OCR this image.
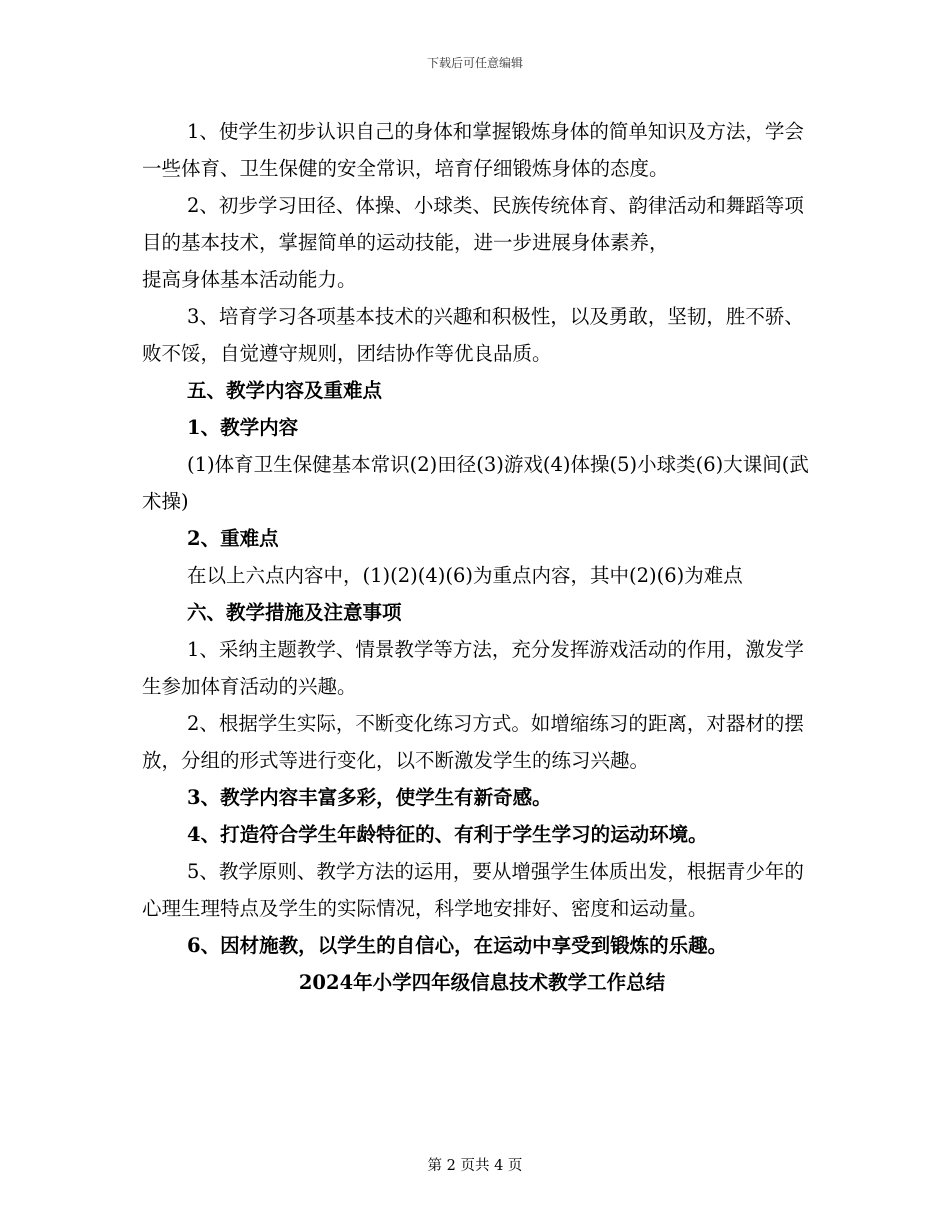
下载后可任意编辑

1、使学生初步认识自己的身体和掌握锻炼身体的简单知识及方法，学会一些体育、卫生保健的安全常识，培育仔细锻炼身体的态度。

2、初步学习田径、体操、小球类、民族传统体育、韵律活动和舞蹈等项目的基本技术，掌握简单的运动技能，进一步进展身体素养，

提高身体基本活动能力。

3、培育学习各项基本技术的兴趣和积极性，以及勇敢，坚韧，胜不骄、败不馁，自觉遵守规则，团结协作等优良品质。

五、教学内容及重难点

1、教学内容

(1)体育卫生保健基本常识(2)田径(3)游戏(4)体操(5)小球类(6)大课间(武术操)

2、重难点

在以上六点内容中，(1)(2)(4)(6)为重点内容，其中(2)(6)为难点

六、教学措施及注意事项

1、采纳主题教学、情景教学等方法，充分发挥游戏活动的作用，激发学生参加体育活动的兴趣。

2、根据学生实际，不断变化练习方式。如增缩练习的距离，对器材的摆放，分组的形式等进行变化，以不断激发学生的练习兴趣。

3、教学内容丰富多彩，使学生有新奇感。

4、打造符合学生年龄特征的、有利于学生学习的运动环境。

5、教学原则、教学方法的运用，要从增强学生体质出发，根据青少年的心理生理特点及学生的实际情况，科学地安排好、密度和运动量。

6、因材施教，以学生的自信心，在运动中享受到锻炼的乐趣。

2024年小学四年级信息技术教学工作总结

第 2 页共 4 页
